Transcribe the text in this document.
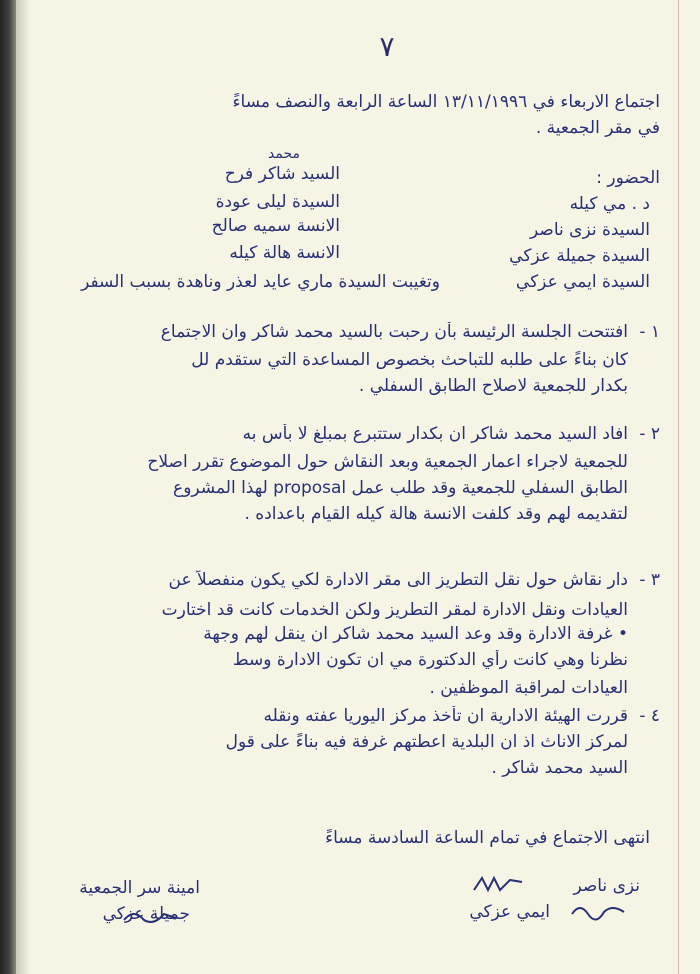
٧
اجتماع الاربعاء في ١٣/١١/١٩٩٦ الساعة الرابعة والنصف مساءً
في مقر الجمعية .
الحضور :
محمد
السيد شاكر فرح
السيدة ليلى عودة
الانسة سميه صالح
الانسة هالة كيله
د . مي كيله
السيدة نزى ناصر
السيدة جميلة عزكي
السيدة ايمي عزكي
وتغيبت السيدة ماري عايد لعذر وناهدة بسبب السفر
١ -
افتتحت الجلسة الرئيسة بأن رحبت بالسيد محمد شاكر وان الاجتماع
كان بناءً على طلبه للتباحث بخصوص المساعدة التي ستقدم لل
بكدار للجمعية لاصلاح الطابق السفلي .
٢ -
افاد السيد محمد شاكر ان بكدار ستتبرع بمبلغ لا بأس به
للجمعية لاجراء اعمار الجمعية وبعد النقاش حول الموضوع تقرر اصلاح
الطابق السفلي للجمعية وقد طلب عمل proposal لهذا المشروع
لتقديمه لهم وقد كلفت الانسة هالة كيله القيام باعداده .
٣ -
دار نقاش حول نقل التطريز الى مقر الادارة لكي يكون منفصلاً عن
العيادات ونقل الادارة لمقر التطريز ولكن الخدمات كانت قد اختارت
• غرفة الادارة وقد وعد السيد محمد شاكر ان ينقل لهم وجهة
نظرنا وهي كانت رأي الدكتورة مي ان تكون الادارة وسط
العيادات لمراقبة الموظفين .
٤ -
قررت الهيئة الادارية ان تأخذ مركز اليوريا عفته ونقله
لمركز الاناث اذ ان البلدية اعطتهم غرفة فيه بناءً على قول
السيد محمد شاكر .
انتهى الاجتماع في تمام الساعة السادسة مساءً
امينة سر الجمعية
جميلة عزكي
نزى ناصر
ايمي عزكي
